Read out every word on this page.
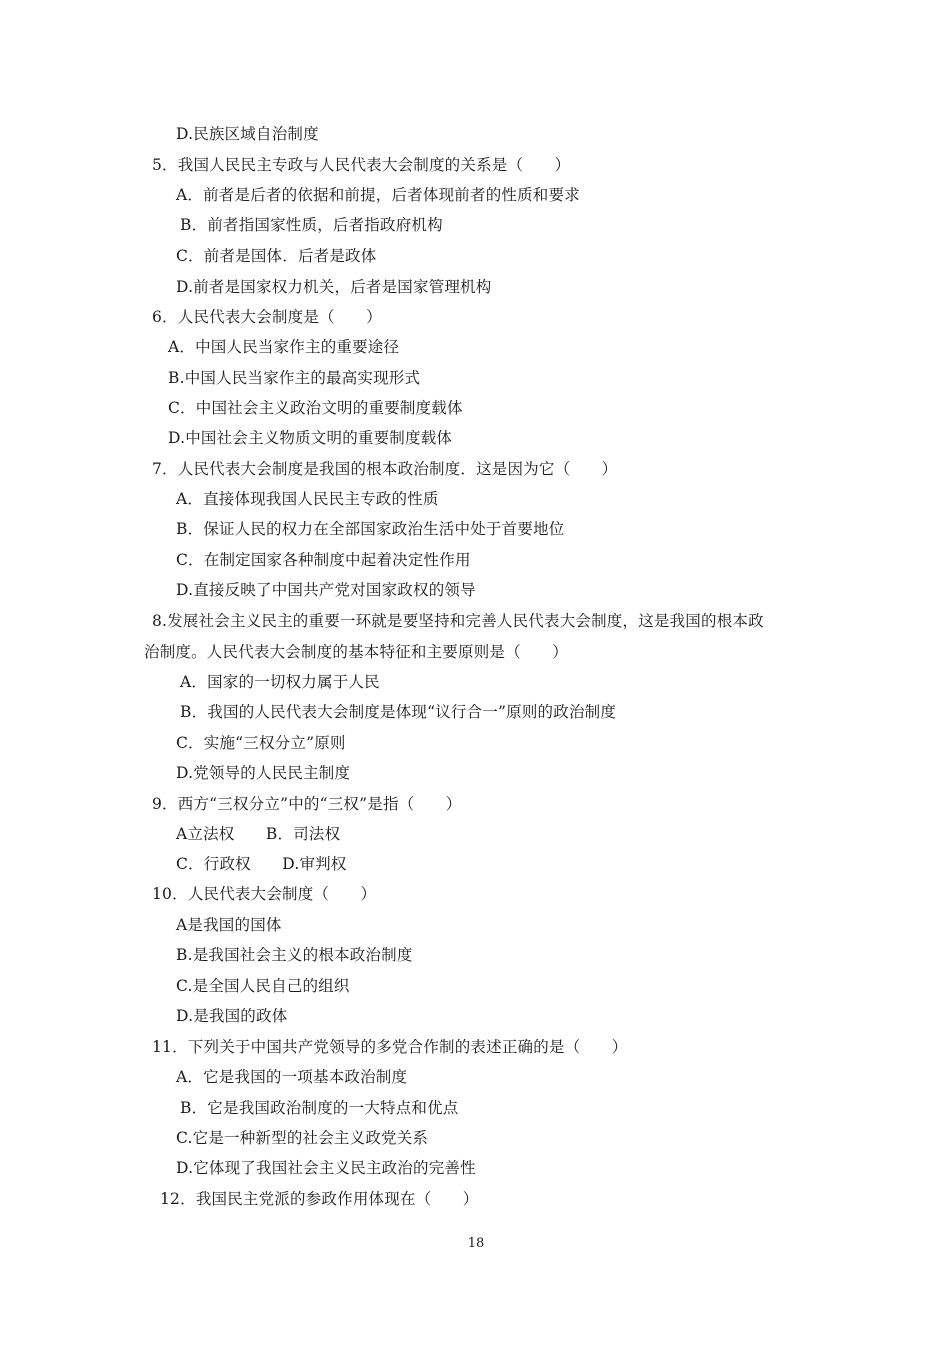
D.民族区域自治制度
5．我国人民民主专政与人民代表大会制度的关系是（　　）
A．前者是后者的依据和前提，后者体现前者的性质和要求
B．前者指国家性质，后者指政府机构
C．前者是国体．后者是政体
D.前者是国家权力机关，后者是国家管理机构
6．人民代表大会制度是（　　）
A．中国人民当家作主的重要途径
B.中国人民当家作主的最高实现形式
C．中国社会主义政治文明的重要制度载体
D.中国社会主义物质文明的重要制度载体
7．人民代表大会制度是我国的根本政治制度．这是因为它（　　）
A．直接体现我国人民民主专政的性质
B．保证人民的权力在全部国家政治生活中处于首要地位
C．在制定国家各种制度中起着决定性作用
D.直接反映了中国共产党对国家政权的领导
8.发展社会主义民主的重要一环就是要坚持和完善人民代表大会制度，这是我国的根本政
治制度。人民代表大会制度的基本特征和主要原则是（　　）
A．国家的一切权力属于人民
B．我国的人民代表大会制度是体现“议行合一”原则的政治制度
C．实施“三权分立”原则
D.党领导的人民民主制度
9．西方“三权分立”中的“三权”是指（　　）
A立法权　　B．司法权
C．行政权　　D.审判权
10．人民代表大会制度（　　）
A是我国的国体
B.是我国社会主义的根本政治制度
C.是全国人民自己的组织
D.是我国的政体
11．下列关于中国共产党领导的多党合作制的表述正确的是（　　）
A．它是我国的一项基本政治制度
B．它是我国政治制度的一大特点和优点
C.它是一种新型的社会主义政党关系
D.它体现了我国社会主义民主政治的完善性
12．我国民主党派的参政作用体现在（　　）
18
